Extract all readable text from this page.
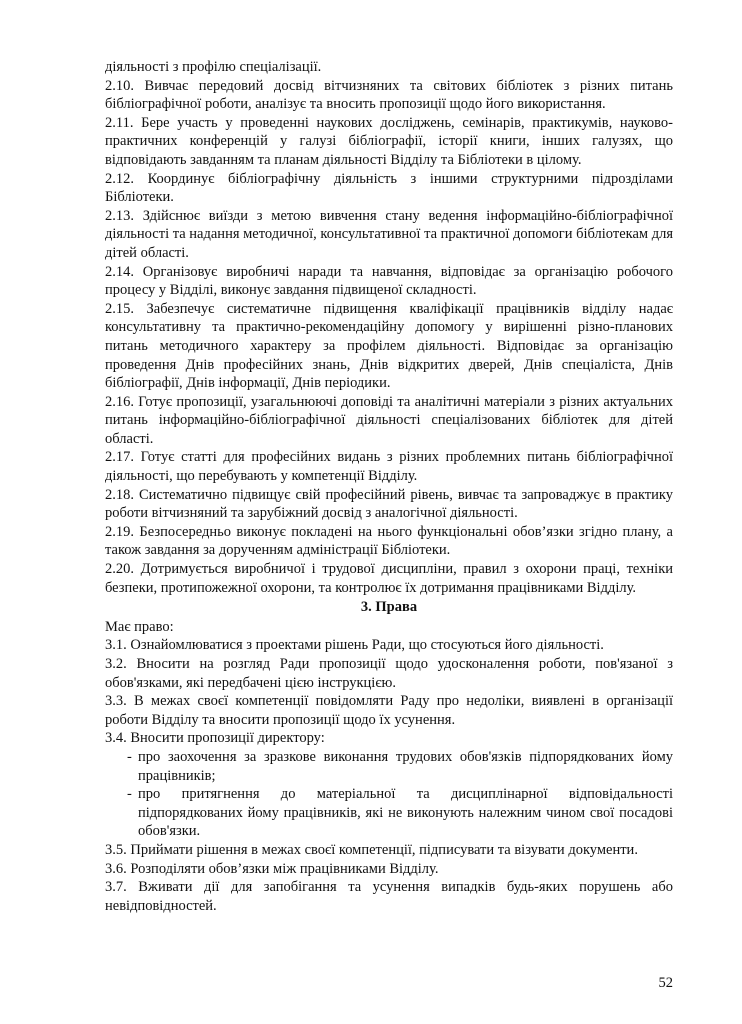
діяльності з профілю спеціалізації.

2.10. Вивчає передовий досвід вітчизняних та світових бібліотек з різних питань бібліографічної роботи, аналізує та вносить пропозиції щодо його використання.

2.11. Бере участь у проведенні наукових досліджень, семінарів, практикумів, науково-практичних конференцій у галузі бібліографії, історії книги, інших галузях, що відповідають завданням та планам діяльності Відділу та Бібліотеки в цілому.

2.12. Координує бібліографічну діяльність з іншими структурними підрозділами Бібліотеки.

2.13. Здійснює виїзди з метою вивчення стану ведення інформаційно-бібліографічної діяльності та надання методичної, консультативної та практичної допомоги бібліотекам для дітей області.

2.14. Організовує виробничі наради та навчання, відповідає за організацію робочого процесу у Відділі, виконує завдання підвищеної складності.

2.15. Забезпечує систематичне підвищення кваліфікації працівників відділу надає консультативну та практично-рекомендаційну допомогу у вирішенні різно-планових питань методичного характеру за профілем діяльності. Відповідає за організацію проведення Днів професійних знань, Днів відкритих дверей, Днів спеціаліста, Днів бібліографії, Днів інформації, Днів періодики.

2.16. Готує пропозиції, узагальнюючі доповіді та аналітичні матеріали з різних актуальних питань інформаційно-бібліографічної діяльності спеціалізованих бібліотек для дітей області.

2.17. Готує статті для професійних видань з різних проблемних питань бібліографічної діяльності, що перебувають у компетенції Відділу.

2.18. Систематично підвищує свій професійний рівень, вивчає та запроваджує в практику роботи вітчизняний та зарубіжний досвід з аналогічної діяльності.

2.19. Безпосередньо виконує покладені на нього функціональні обов’язки згідно плану, а також завдання за дорученням адміністрації Бібліотеки.

2.20. Дотримується виробничої і трудової дисципліни, правил з охорони праці, техніки безпеки, протипожежної охорони, та контролює їх дотримання працівниками Відділу.

3. Права

Має право:

3.1. Ознайомлюватися з проектами рішень Ради, що стосуються його діяльності.

3.2. Вносити на розгляд Ради пропозиції щодо удосконалення роботи, пов'язаної з обов'язками, які передбачені цією інструкцією.

3.3. В межах своєї компетенції повідомляти Раду про недоліки, виявлені в організації роботи Відділу та вносити пропозиції щодо їх усунення.

3.4. Вносити пропозиції директору:

- про заохочення за зразкове виконання трудових обов'язків підпорядкованих йому працівників;
- про притягнення до матеріальної та дисциплінарної відповідальності підпорядкованих йому працівників, які не виконують належним чином свої посадові обов'язки.

3.5. Приймати рішення в межах своєї компетенції, підписувати та візувати документи.

3.6. Розподіляти обов’язки між працівниками Відділу.

3.7. Вживати дії для запобігання та усунення випадків будь-яких порушень або невідповідностей.

52
